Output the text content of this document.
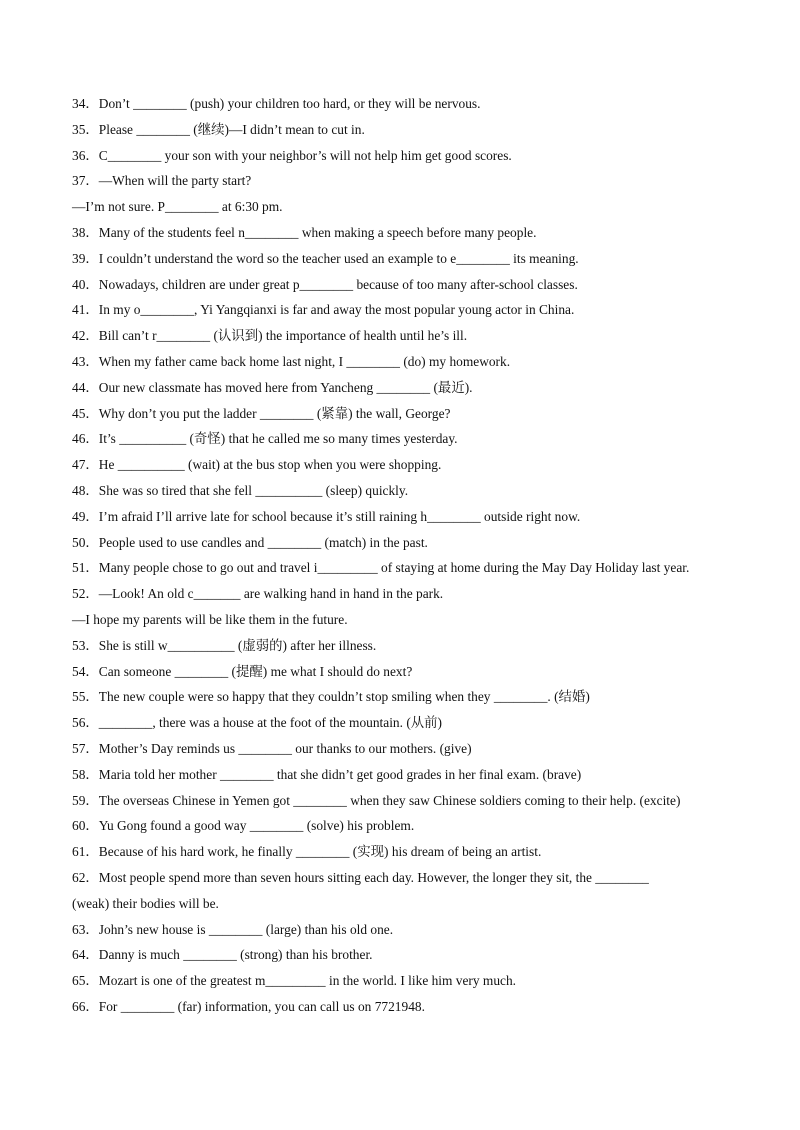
34．Don’t ________ (push) your children too hard, or they will be nervous.
35．Please ________ (继续)—I didn’t mean to cut in.
36．C________ your son with your neighbor’s will not help him get good scores.
37．—When will the party start?
—I’m not sure. P________ at 6:30 pm.
38．Many of the students feel n________ when making a speech before many people.
39．I couldn’t understand the word so the teacher used an example to e________ its meaning.
40．Nowadays, children are under great p________ because of too many after-school classes.
41．In my o________, Yi Yangqianxi is far and away the most popular young actor in China.
42．Bill can’t r________ (认识到) the importance of health until he’s ill.
43．When my father came back home last night, I ________ (do) my homework.
44．Our new classmate has moved here from Yancheng ________ (最近).
45．Why don’t you put the ladder ________ (紧靠) the wall, George?
46．It’s __________ (奇怪) that he called me so many times yesterday.
47．He __________ (wait) at the bus stop when you were shopping.
48．She was so tired that she fell __________ (sleep) quickly.
49．I’m afraid I’ll arrive late for school because it’s still raining h________ outside right now.
50．People used to use candles and ________ (match) in the past.
51．Many people chose to go out and travel i_________ of staying at home during the May Day Holiday last year.
52．—Look! An old c_______ are walking hand in hand in the park.
—I hope my parents will be like them in the future.
53．She is still w__________ (虚弱的) after her illness.
54．Can someone ________ (提醒) me what I should do next?
55．The new couple were so happy that they couldn’t stop smiling when they ________. (结婚)
56．________, there was a house at the foot of the mountain. (从前)
57．Mother’s Day reminds us ________ our thanks to our mothers. (give)
58．Maria told her mother ________ that she didn’t get good grades in her final exam. (brave)
59．The overseas Chinese in Yemen got ________ when they saw Chinese soldiers coming to their help. (excite)
60．Yu Gong found a good way ________ (solve) his problem.
61．Because of his hard work, he finally ________ (实现) his dream of being an artist.
62．Most people spend more than seven hours sitting each day. However, the longer they sit, the ________
(weak) their bodies will be.
63．John’s new house is ________ (large) than his old one.
64．Danny is much ________ (strong) than his brother.
65．Mozart is one of the greatest m_________ in the world. I like him very much.
66．For ________ (far) information, you can call us on 7721948.
